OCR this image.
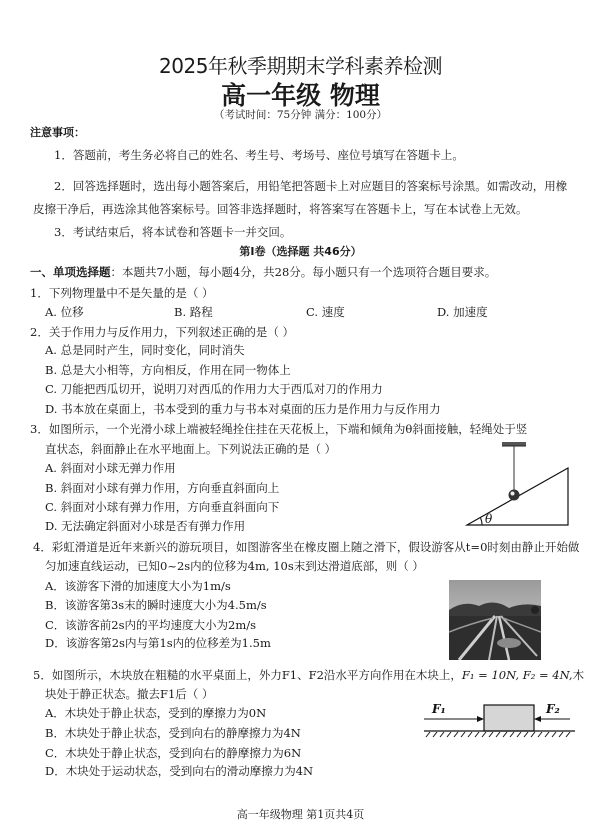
2025年秋季期期末学科素养检测
高一年级 物理
（考试时间：75分钟 满分：100分）
注意事项：
1．答题前，考生务必将自己的姓名、考生号、考场号、座位号填写在答题卡上。
2．回答选择题时，选出每小题答案后，用铅笔把答题卡上对应题目的答案标号涂黑。如需改动，用橡
皮擦干净后，再选涂其他答案标号。回答非选择题时，将答案写在答题卡上，写在本试卷上无效。
3．考试结束后，将本试卷和答题卡一并交回。
第Ⅰ卷（选择题 共46分）
一、单项选择题：本题共7小题，每小题4分，共28分。每小题只有一个选项符合题目要求。
1．下列物理量中不是矢量的是（ ）
A. 位移	B. 路程	C. 速度	D. 加速度
2．关于作用力与反作用力，下列叙述正确的是（ ）
A. 总是同时产生，同时变化，同时消失
B. 总是大小相等，方向相反，作用在同一物体上
C. 刀能把西瓜切开，说明刀对西瓜的作用力大于西瓜对刀的作用力
D. 书本放在桌面上，书本受到的重力与书本对桌面的压力是作用力与反作用力
3．如图所示，一个光滑小球上端被轻绳拴住挂在天花板上，下端和倾角为θ斜面接触，轻绳处于竖
直状态，斜面静止在水平地面上。下列说法正确的是（ ）
A. 斜面对小球无弹力作用
B. 斜面对小球有弹力作用，方向垂直斜面向上
C. 斜面对小球有弹力作用，方向垂直斜面向下
D. 无法确定斜面对小球是否有弹力作用	θ
4．彩虹滑道是近年来新兴的游玩项目，如图游客坐在橡皮圈上随之滑下，假设游客从t=0时刻由静止开始做
匀加速直线运动，已知0~2s内的位移为4m, 10s末到达滑道底部，则（ ）
A．该游客下滑的加速度大小为1m/s
B．该游客第3s末的瞬时速度大小为4.5m/s
C．该游客前2s内的平均速度大小为2m/s
D．该游客第2s内与第1s内的位移差为1.5m
5．如图所示，木块放在粗糙的水平桌面上，外力F1、F2沿水平方向作用在木块上，F₁ = 10N, F₂ = 4N,木
块处于静正状态。撤去F1后（ ）
A．木块处于静止状态，受到的摩擦力为0N
B．木块处于静止状态，受到向右的静摩擦力为4N
C．木块处于静止状态，受到向右的静摩擦力为6N
D．木块处于运动状态，受到向右的滑动摩擦力为4N
F₁	F₂
高一年级物理 第1页共4页
